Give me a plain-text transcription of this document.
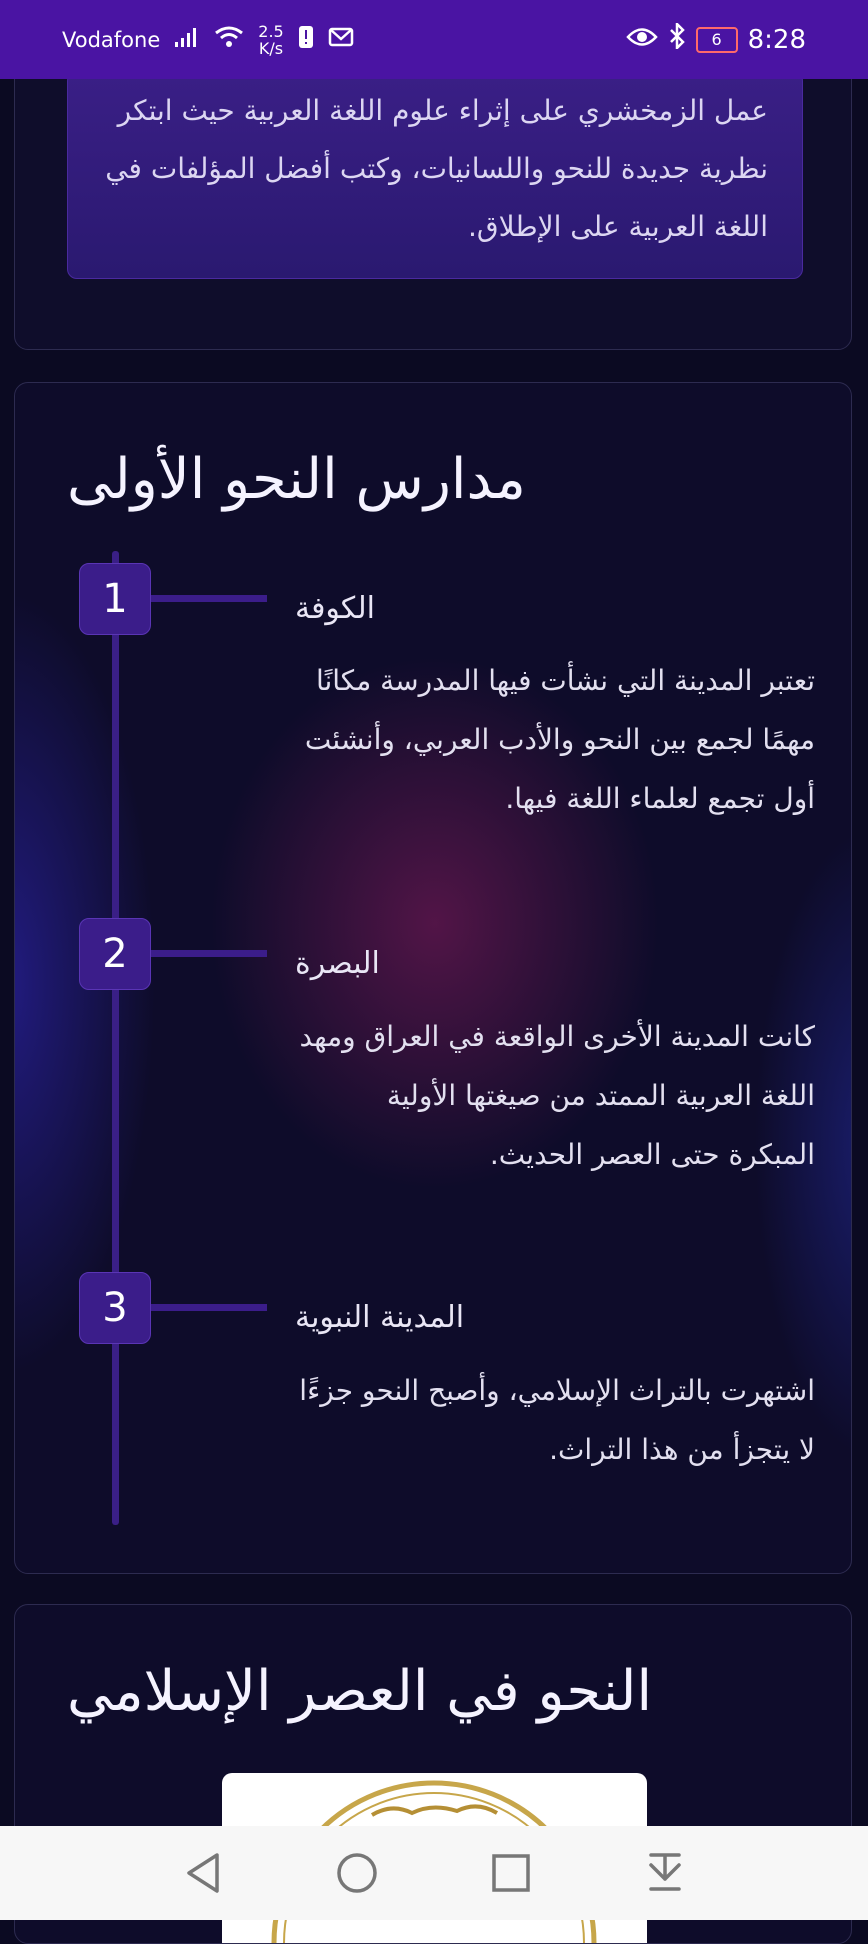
Vodafone	2.5
K/s	6 8:28

عمل الزمخشري على إثراء علوم اللغة العربية حيث ابتكر نظرية جديدة للنحو واللسانيات، وكتب أفضل المؤلفات في اللغة العربية على الإطلاق.

مدارس النحو الأولى
1	الكوفة

تعتبر المدينة التي نشأت فيها المدرسة مكانًا مهمًا لجمع بين النحو والأدب العربي، وأنشئت أول تجمع لعلماء اللغة فيها.

2	البصرة

كانت المدينة الأخرى الواقعة في العراق ومهد اللغة العربية الممتد من صيغتها الأولية المبكرة حتى العصر الحديث.

3	المدينة النبوية

اشتهرت بالتراث الإسلامي، وأصبح النحو جزءًا لا يتجزأ من هذا التراث.

النحو في العصر الإسلامي
